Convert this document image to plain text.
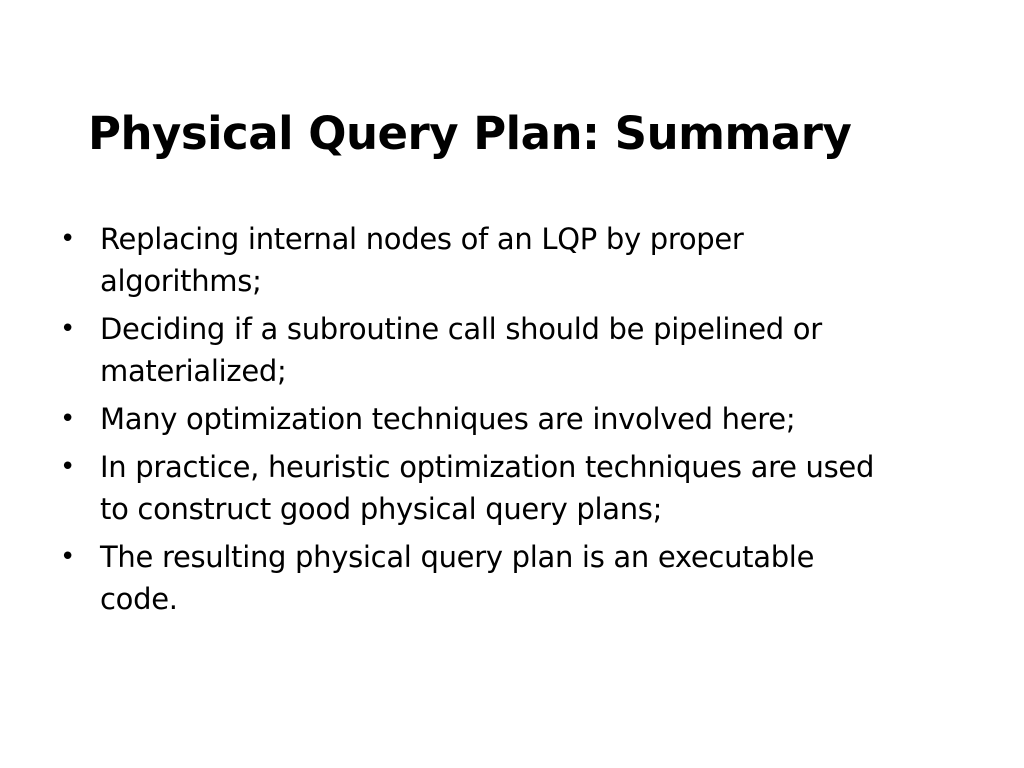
Physical Query Plan: Summary
• Replacing internal nodes of an LQP by proper algorithms;
• Deciding if a subroutine call should be pipelined or materialized;
• Many optimization techniques are involved here;
• In practice, heuristic optimization techniques are used to construct good physical query plans;
• The resulting physical query plan is an executable code.
